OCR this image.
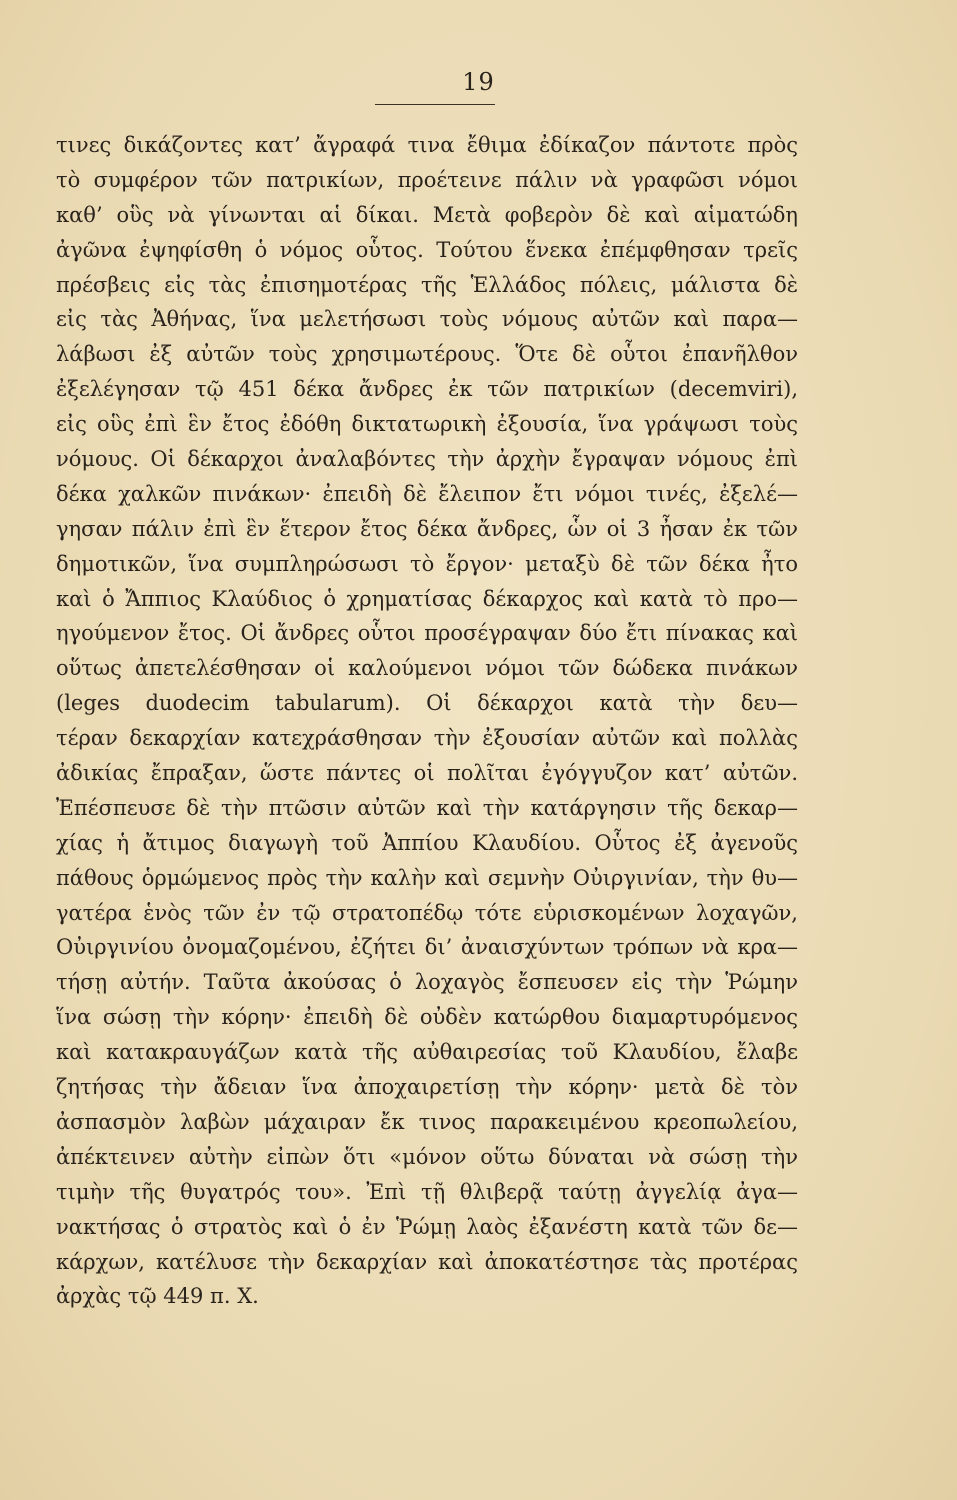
19
τινες δικάζοντες κατ’ ἄγραφά τινα ἔθιμα ἐδίκαζον πάντοτε πρὸς
τὸ συμφέρον τῶν πατρικίων, προέτεινε πάλιν νὰ γραφῶσι νόμοι
καθ’ οὓς νὰ γίνωνται αἱ δίκαι. Μετὰ φοβερὸν δὲ καὶ αἱματώδη
ἀγῶνα ἐψηφίσθη ὁ νόμος οὗτος. Τούτου ἕνεκα ἐπέμφθησαν τρεῖς
πρέσβεις εἰς τὰς ἐπισημοτέρας τῆς Ἑλλάδος πόλεις, μάλιστα δὲ
εἰς τὰς Ἀθήνας, ἵνα μελετήσωσι τοὺς νόμους αὐτῶν καὶ παρα—
λάβωσι ἐξ αὐτῶν τοὺς χρησιμωτέρους. Ὅτε δὲ οὗτοι ἐπανῆλθον
ἐξελέγησαν τῷ 451 δέκα ἄνδρες ἐκ τῶν πατρικίων (decemviri),
εἰς οὓς ἐπὶ ἓν ἔτος ἐδόθη δικτατωρικὴ ἐξουσία, ἵνα γράψωσι τοὺς
νόμους. Οἱ δέκαρχοι ἀναλαβόντες τὴν ἀρχὴν ἔγραψαν νόμους ἐπὶ
δέκα χαλκῶν πινάκων· ἐπειδὴ δὲ ἔλειπον ἔτι νόμοι τινές, ἐξελέ—
γησαν πάλιν ἐπὶ ἓν ἕτερον ἔτος δέκα ἄνδρες, ὧν οἱ 3 ἦσαν ἐκ τῶν
δημοτικῶν, ἵνα συμπληρώσωσι τὸ ἔργον· μεταξὺ δὲ τῶν δέκα ἦτο
καὶ ὁ Ἄππιος Κλαύδιος ὁ χρηματίσας δέκαρχος καὶ κατὰ τὸ προ—
ηγούμενον ἔτος. Οἱ ἄνδρες οὗτοι προσέγραψαν δύο ἔτι πίνακας καὶ
οὕτως ἀπετελέσθησαν οἱ καλούμενοι νόμοι τῶν δώδεκα πινάκων
(leges duodecim tabularum). Οἱ δέκαρχοι κατὰ τὴν δευ—
τέραν δεκαρχίαν κατεχράσθησαν τὴν ἐξουσίαν αὐτῶν καὶ πολλὰς
ἀδικίας ἔπραξαν, ὥστε πάντες οἱ πολῖται ἐγόγγυζον κατ’ αὐτῶν.
Ἐπέσπευσε δὲ τὴν πτῶσιν αὐτῶν καὶ τὴν κατάργησιν τῆς δεκαρ—
χίας ἡ ἄτιμος διαγωγὴ τοῦ Ἀππίου Κλαυδίου. Οὗτος ἐξ ἀγενοῦς
πάθους ὁρμώμενος πρὸς τὴν καλὴν καὶ σεμνὴν Οὐιργινίαν, τὴν θυ—
γατέρα ἑνὸς τῶν ἐν τῷ στρατοπέδῳ τότε εὑρισκομένων λοχαγῶν,
Οὐιργινίου ὀνομαζομένου, ἐζήτει δι’ ἀναισχύντων τρόπων νὰ κρα—
τήσῃ αὐτήν. Ταῦτα ἀκούσας ὁ λοχαγὸς ἔσπευσεν εἰς τὴν Ῥώμην
ἵνα σώσῃ τὴν κόρην· ἐπειδὴ δὲ οὐδὲν κατώρθου διαμαρτυρόμενος
καὶ κατακραυγάζων κατὰ τῆς αὐθαιρεσίας τοῦ Κλαυδίου, ἔλαβε
ζητήσας τὴν ἄδειαν ἵνα ἀποχαιρετίσῃ τὴν κόρην· μετὰ δὲ τὸν
ἀσπασμὸν λαβὼν μάχαιραν ἔκ τινος παρακειμένου κρεοπωλείου,
ἀπέκτεινεν αὐτὴν εἰπὼν ὅτι «μόνον οὕτω δύναται νὰ σώσῃ τὴν
τιμὴν τῆς θυγατρός του». Ἐπὶ τῇ θλιβερᾷ ταύτῃ ἀγγελίᾳ ἀγα—
νακτήσας ὁ στρατὸς καὶ ὁ ἐν Ῥώμῃ λαὸς ἐξανέστη κατὰ τῶν δε—
κάρχων, κατέλυσε τὴν δεκαρχίαν καὶ ἀποκατέστησε τὰς προτέρας
ἀρχὰς τῷ 449 π. Χ.
